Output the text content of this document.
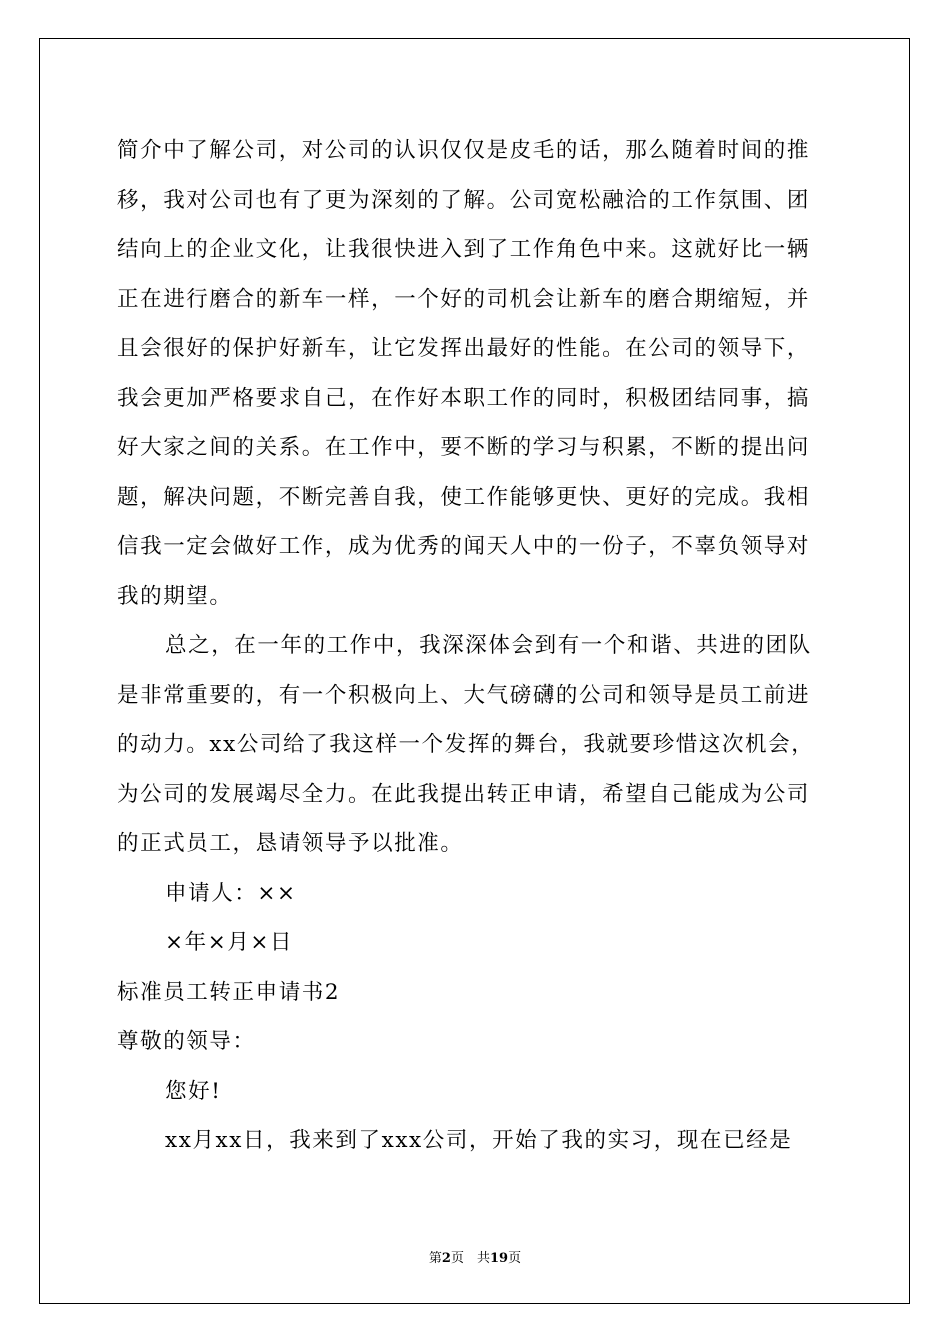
简介中了解公司，对公司的认识仅仅是皮毛的话，那么随着时间的推
移，我对公司也有了更为深刻的了解。公司宽松融洽的工作氛围、团
结向上的企业文化，让我很快进入到了工作角色中来。这就好比一辆
正在进行磨合的新车一样，一个好的司机会让新车的磨合期缩短，并
且会很好的保护好新车，让它发挥出最好的性能。在公司的领导下，
我会更加严格要求自己，在作好本职工作的同时，积极团结同事，搞
好大家之间的关系。在工作中，要不断的学习与积累，不断的提出问
题，解决问题，不断完善自我，使工作能够更快、更好的完成。我相
信我一定会做好工作，成为优秀的闻天人中的一份子，不辜负领导对
我的期望。
总之，在一年的工作中，我深深体会到有一个和谐、共进的团队
是非常重要的，有一个积极向上、大气磅礴的公司和领导是员工前进
的动力。xx公司给了我这样一个发挥的舞台，我就要珍惜这次机会，
为公司的发展竭尽全力。在此我提出转正申请，希望自己能成为公司
的正式员工，恳请领导予以批准。
申请人：××
×年×月×日
标准员工转正申请书2
尊敬的领导：
您好!
xx月xx日，我来到了xxx公司，开始了我的实习，现在已经是
第2页　共19页
